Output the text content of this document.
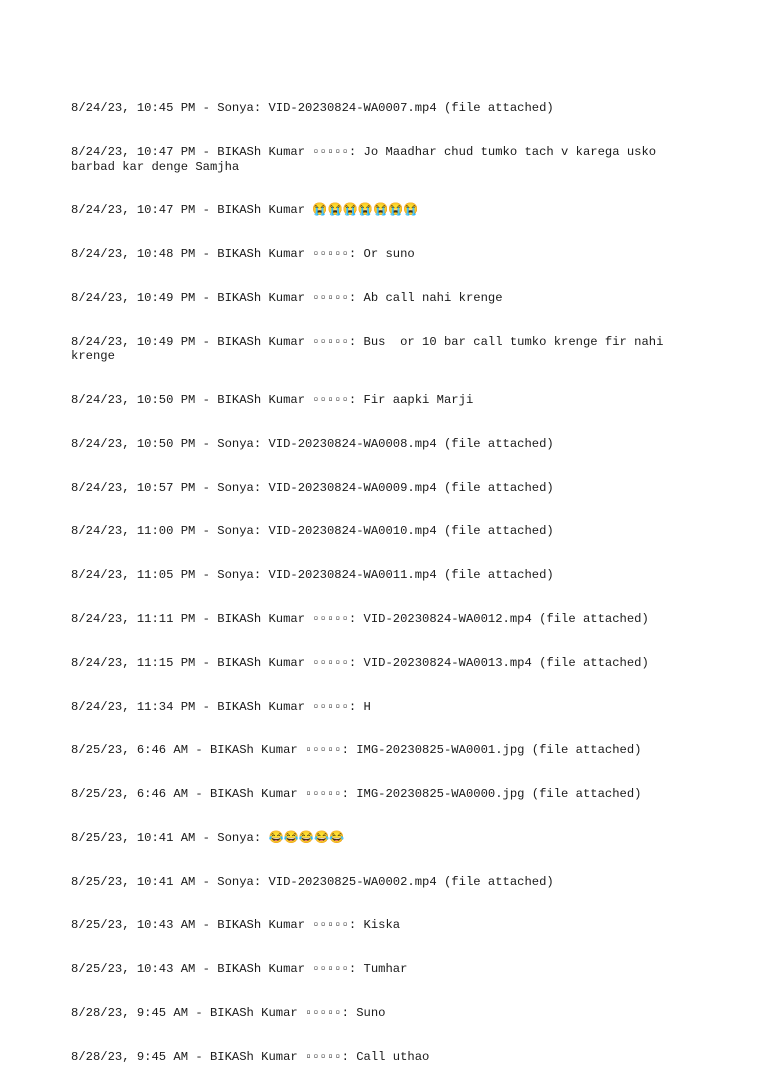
8/24/23, 10:45 PM - Sonya: VID-20230824-WA0007.mp4 (file attached)

8/24/23, 10:47 PM - BIKASh Kumar ▫▫▫▫▫: Jo Maadhar chud tumko tach v karega usko barbad kar denge Samjha

8/24/23, 10:47 PM - BIKASh Kumar 😭😭😭😭😭😭😭

8/24/23, 10:48 PM - BIKASh Kumar ▫▫▫▫▫: Or suno

8/24/23, 10:49 PM - BIKASh Kumar ▫▫▫▫▫: Ab call nahi krenge

8/24/23, 10:49 PM - BIKASh Kumar ▫▫▫▫▫: Bus  or 10 bar call tumko krenge fir nahi krenge

8/24/23, 10:50 PM - BIKASh Kumar ▫▫▫▫▫: Fir aapki Marji

8/24/23, 10:50 PM - Sonya: VID-20230824-WA0008.mp4 (file attached)

8/24/23, 10:57 PM - Sonya: VID-20230824-WA0009.mp4 (file attached)

8/24/23, 11:00 PM - Sonya: VID-20230824-WA0010.mp4 (file attached)

8/24/23, 11:05 PM - Sonya: VID-20230824-WA0011.mp4 (file attached)

8/24/23, 11:11 PM - BIKASh Kumar ▫▫▫▫▫: VID-20230824-WA0012.mp4 (file attached)

8/24/23, 11:15 PM - BIKASh Kumar ▫▫▫▫▫: VID-20230824-WA0013.mp4 (file attached)

8/24/23, 11:34 PM - BIKASh Kumar ▫▫▫▫▫: H

8/25/23, 6:46 AM - BIKASh Kumar ▫▫▫▫▫: IMG-20230825-WA0001.jpg (file attached)

8/25/23, 6:46 AM - BIKASh Kumar ▫▫▫▫▫: IMG-20230825-WA0000.jpg (file attached)

8/25/23, 10:41 AM - Sonya: 😂😂😂😂😂

8/25/23, 10:41 AM - Sonya: VID-20230825-WA0002.mp4 (file attached)

8/25/23, 10:43 AM - BIKASh Kumar ▫▫▫▫▫: Kiska

8/25/23, 10:43 AM - BIKASh Kumar ▫▫▫▫▫: Tumhar

8/28/23, 9:45 AM - BIKASh Kumar ▫▫▫▫▫: Suno

8/28/23, 9:45 AM - BIKASh Kumar ▫▫▫▫▫: Call uthao
